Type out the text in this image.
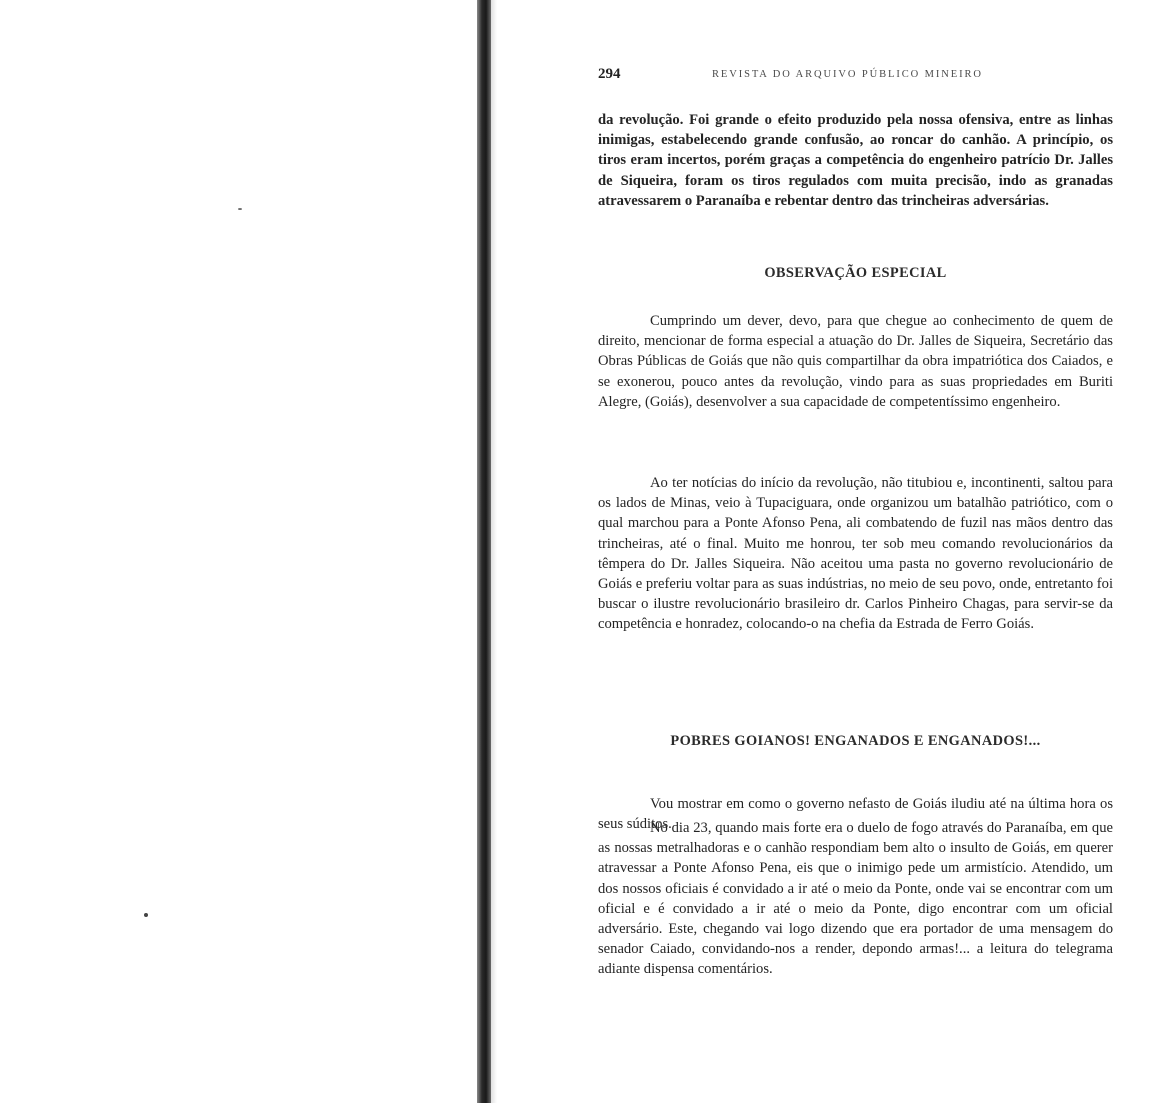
294	REVISTA DO ARQUIVO PÚBLICO MINEIRO

da revolução. Foi grande o efeito produzido pela nossa ofensiva, entre as linhas inimigas, estabelecendo grande confusão, ao roncar do canhão. A princípio, os tiros eram incertos, porém graças a competência do engenheiro patrício Dr. Jalles de Siqueira, foram os tiros regulados com muita precisão, indo as granadas atravessarem o Paranaíba e rebentar dentro das trincheiras adversárias.

OBSERVAÇÃO ESPECIAL

Cumprindo um dever, devo, para que chegue ao conhecimento de quem de direito, mencionar de forma especial a atuação do Dr. Jalles de Siqueira, Secretário das Obras Públicas de Goiás que não quis compartilhar da obra impatriótica dos Caiados, e se exonerou, pouco antes da revolução, vindo para as suas propriedades em Buriti Alegre, (Goiás), desenvolver a sua capacidade de competentíssimo engenheiro.

Ao ter notícias do início da revolução, não titubiou e, incontinenti, saltou para os lados de Minas, veio à Tupaciguara, onde organizou um batalhão patriótico, com o qual marchou para a Ponte Afonso Pena, ali combatendo de fuzil nas mãos dentro das trincheiras, até o final. Muito me honrou, ter sob meu comando revolucionários da têmpera do Dr. Jalles Siqueira. Não aceitou uma pasta no governo revolucionário de Goiás e preferiu voltar para as suas indústrias, no meio de seu povo, onde, entretanto foi buscar o ilustre revolucionário brasileiro dr. Carlos Pinheiro Chagas, para servir-se da competência e honradez, colocando-o na chefia da Estrada de Ferro Goiás.

POBRES GOIANOS! ENGANADOS E ENGANADOS!...

Vou mostrar em como o governo nefasto de Goiás iludiu até na última hora os seus súditos.

No dia 23, quando mais forte era o duelo de fogo através do Paranaíba, em que as nossas metralhadoras e o canhão respondiam bem alto o insulto de Goiás, em querer atravessar a Ponte Afonso Pena, eis que o inimigo pede um armistício. Atendido, um dos nossos oficiais é convidado a ir até o meio da Ponte, onde vai se encontrar com um oficial e é convidado a ir até o meio da Ponte, digo encontrar com um oficial adversário. Este, chegando vai logo dizendo que era portador de uma mensagem do senador Caiado, convidando-nos a render, depondo armas!... a leitura do telegrama adiante dispensa comentários.
